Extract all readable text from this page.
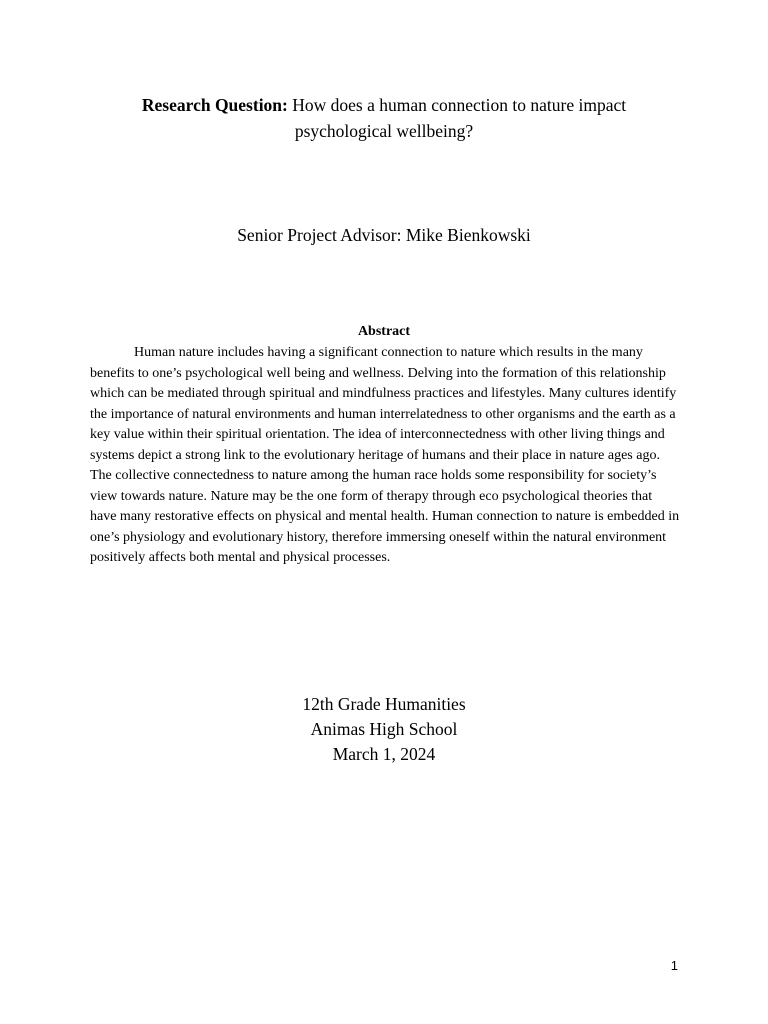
Research Question: How does a human connection to nature impact psychological wellbeing?
Senior Project Advisor: Mike Bienkowski
Abstract

Human nature includes having a significant connection to nature which results in the many benefits to one’s psychological well being and wellness. Delving into the formation of this relationship which can be mediated through spiritual and mindfulness practices and lifestyles. Many cultures identify the importance of natural environments and human interrelatedness to other organisms and the earth as a key value within their spiritual orientation. The idea of interconnectedness with other living things and systems depict a strong link to the evolutionary heritage of humans and their place in nature ages ago. The collective connectedness to nature among the human race holds some responsibility for society’s view towards nature. Nature may be the one form of therapy through eco psychological theories that have many restorative effects on physical and mental health. Human connection to nature is embedded in one’s physiology and evolutionary history, therefore immersing oneself within the natural environment positively affects both mental and physical processes.

12th Grade Humanities
Animas High School
March 1, 2024
1
